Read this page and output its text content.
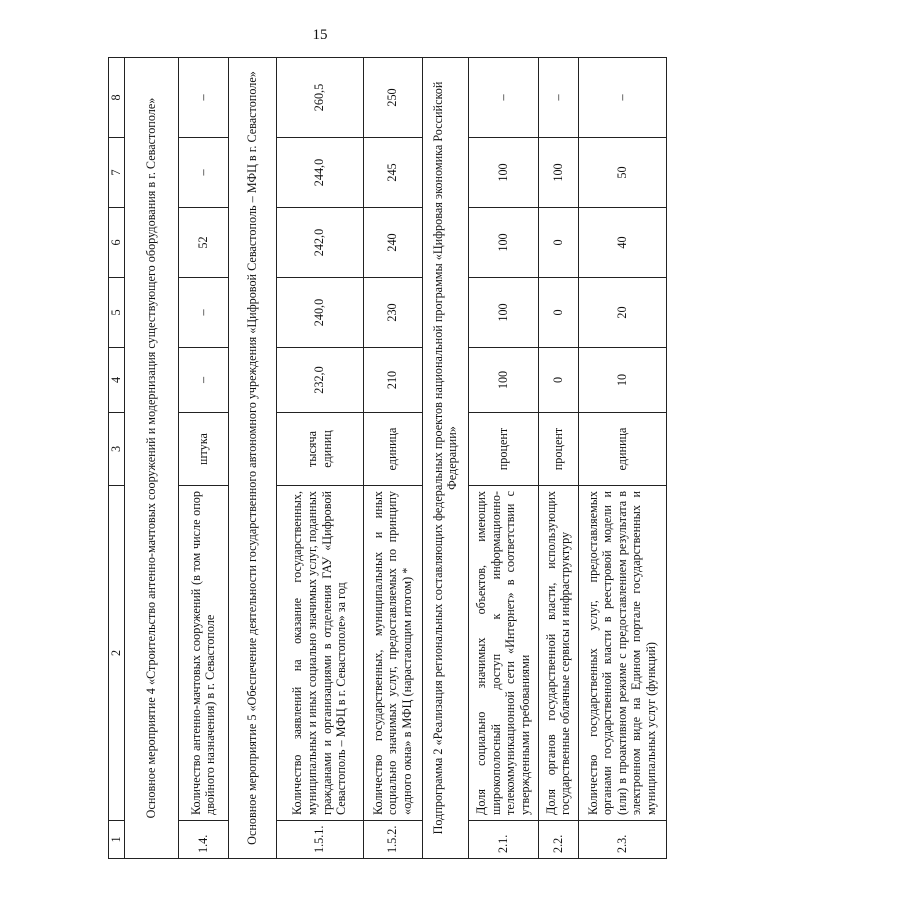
15
1	2	3	4	5	6	7	8
Основное мероприятие 4 «Строительство антенно-мачтовых сооружений и модернизация существующего оборудования в г. Севастополе»							
1.4.	Количество антенно-мачтовых сооружений (в том числе опор двойного назначения) в г. Севастополе	штука	–	–	52	–	–
Основное мероприятие 5 «Обеспечение деятельности государственного автономного учреждения «Цифровой Севастополь – МФЦ в г. Севастополе»							
1.5.1.	Количество заявлений на оказание государственных, муниципальных и иных социально значимых услуг, поданных гражданами и организациями в отделения ГАУ «Цифровой Севастополь – МФЦ в г. Севастополе» за год	тысяча единиц	232,0	240,0	242,0	244,0	260,5
1.5.2.	Количество государственных, муниципальных и иных социально значимых услуг, предоставляемых по принципу «одного окна» в МФЦ (нарастающим итогом) *	единица	210	230	240	245	250
Подпрограмма 2 «Реализация региональных составляющих федеральных проектов национальной программы «Цифровая экономика Российской Федерации»							
2.1.	Доля социально значимых объектов, имеющих широкополосный доступ к информационно-телекоммуникационной сети «Интернет» в соответствии с утвержденными требованиями	процент	100	100	100	100	–
2.2.	Доля органов государственной власти, использующих государственные облачные сервисы и инфраструктуру	процент	0	0	0	100	–
2.3.	Количество государственных услуг, предоставляемых органами государственной власти в реестровой модели и (или) в проактивном режиме с предоставлением результата в электронном виде на Едином портале государственных и муниципальных услуг (функций)	единица	10	20	40	50	–
